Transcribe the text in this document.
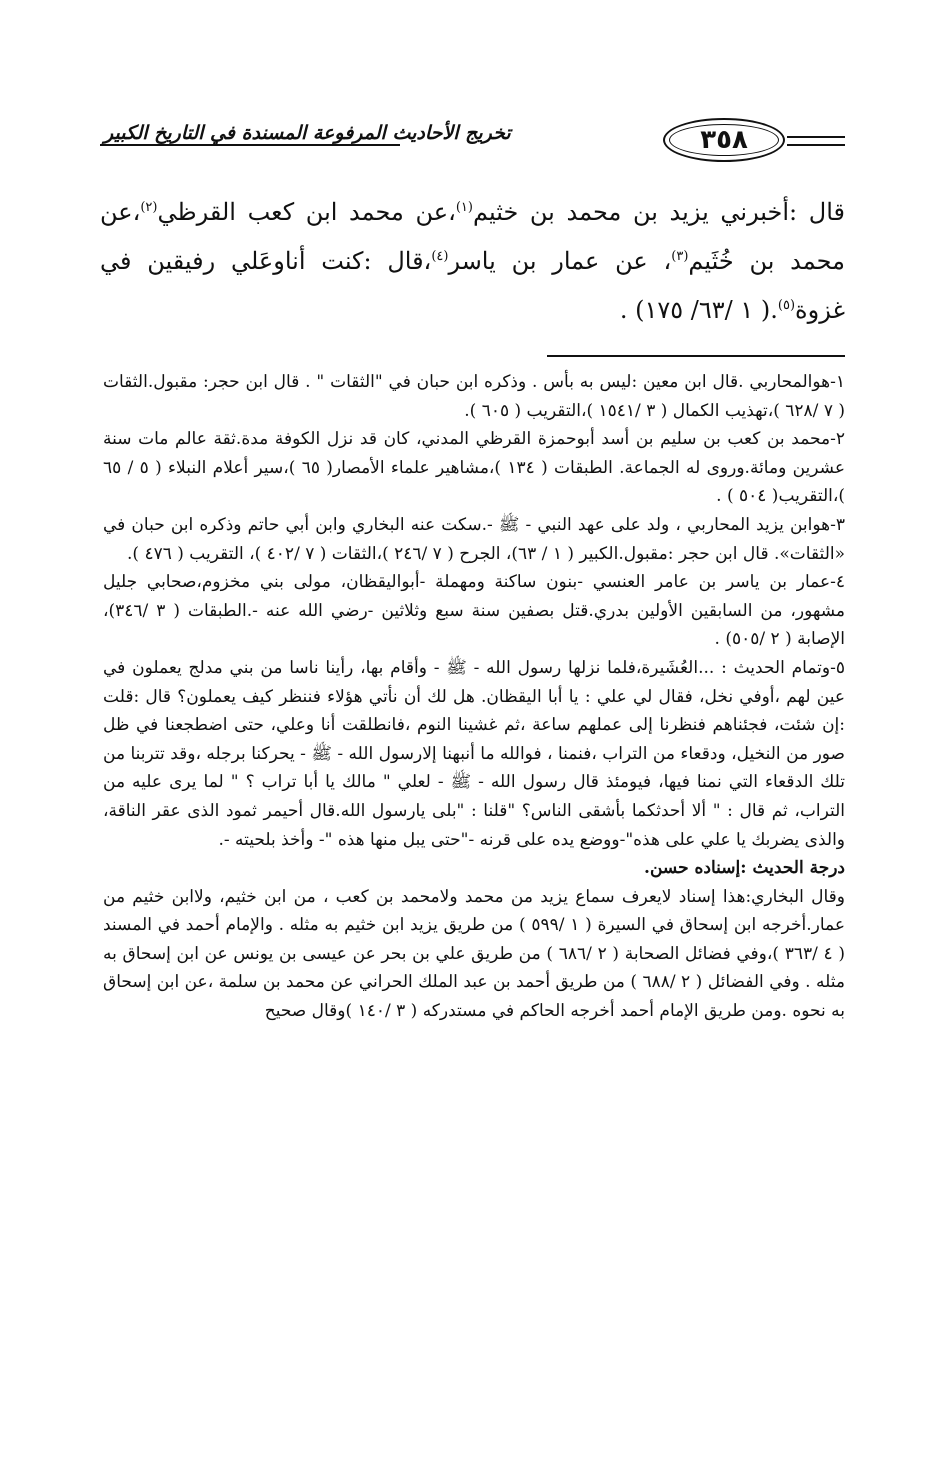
٣٥٨
تخريج الأحاديث المرفوعة المسندة في التاريخ الكبير
قال :أخبرني يزيد بن محمد بن خثيم$^{(١)}$،عن محمد ابن كعب القرظي$^{(٢)}$،عن محمد بن خُثَيم$^{(٣)}$، عن عمار بن ياسر$^{(٤)}$،قال :كنت أناوعَلي رفيقين في غزوة$^{(٥)}$.( ١ /٦٣/ ١٧٥) .

١-هوالمحاربي .قال ابن معين :ليس به بأس . وذكره ابن حبان في "الثقات " . قال ابن حجر: مقبول.الثقات ( ٧ /٦٢٨ )،تهذيب الكمال ( ٣ /١٥٤١ )،التقريب ( ٦٠٥ ).

٢-محمد بن كعب بن سليم بن أسد أبوحمزة القرظي المدني، كان قد نزل الكوفة مدة.ثقة عالم مات سنة عشرين ومائة.وروى له الجماعة. الطبقات ( ١٣٤ )،مشاهير علماء الأمصار( ٦٥ )،سير أعلام النبلاء ( ٥ / ٦٥ )،التقريب( ٥٠٤ ) .

٣-هوابن يزيد المحاربي ، ولد على عهد النبي - ﷺ -.سكت عنه البخاري وابن أبي حاتم وذكره ابن حبان في «الثقات». قال ابن حجر :مقبول.الكبير ( ١ / ٦٣)، الجرح ( ٧ /٢٤٦ )،الثقات ( ٧ /٤٠٢ )، التقريب ( ٤٧٦ ).

٤-عمار بن ياسر بن عامر العنسي -بنون ساكنة ومهملة -أبواليقظان، مولى بني مخزوم،صحابي جليل مشهور، من السابقين الأولين بدري.قتل بصفين سنة سبع وثلاثين -رضي الله عنه -.الطبقات ( ٣ /٣٤٦)، الإصابة ( ٢ /٥٠٥) .

٥-وتمام الحديث : ...العُشَيرة،فلما نزلها رسول الله - ﷺ - وأقام بها، رأينا ناسا من بني مدلج يعملون في عين لهم ،أوفي نخل، فقال لي علي : يا أبا اليقظان. هل لك أن نأتي هؤلاء فننظر كيف يعملون؟ قال :قلت :إن شئت، فجئناهم فنظرنا إلى عملهم ساعة ،ثم غشينا النوم ،فانطلقت أنا وعلي، حتى اضطجعنا في ظل صور من النخيل، ودقعاء من التراب ،فنمنا ، فوالله ما أنبهنا إلارسول الله - ﷺ - يحركنا برجله ،وقد تتربنا من تلك الدقعاء التي نمنا فيها، فيومئذ قال رسول الله - ﷺ - لعلي " مالك يا أبا تراب ؟ " لما يرى عليه من التراب، ثم قال : " ألا أحدثكما بأشقى الناس؟ "قلنا : "بلى يارسول الله.قال أحيمر ثمود الذى عقر الناقة، والذى يضربك يا علي على هذه"-ووضع يده على قرنه -"حتى يبل منها هذه "- وأخذ بلحيته -.

درجة الحديث :إسناده حسن.

وقال البخاري:هذا إسناد لايعرف سماع يزيد من محمد ولامحمد بن كعب ، من ابن خثيم، ولاابن خثيم من عمار.أخرجه ابن إسحاق في السيرة ( ١ /٥٩٩ ) من طريق يزيد ابن خثيم به مثله . والإمام أحمد في المسند ( ٤ /٣٦٣ )،وفي فضائل الصحابة ( ٢ /٦٨٦ ) من طريق علي بن بحر عن عيسى بن يونس عن ابن إسحاق به مثله . وفي الفضائل ( ٢ /٦٨٨ ) من طريق أحمد بن عبد الملك الحراني عن محمد بن سلمة ،عن ابن إسحاق به نحوه .ومن طريق الإمام أحمد أخرجه الحاكم في مستدركه ( ٣ /١٤٠ )وقال صحيح
